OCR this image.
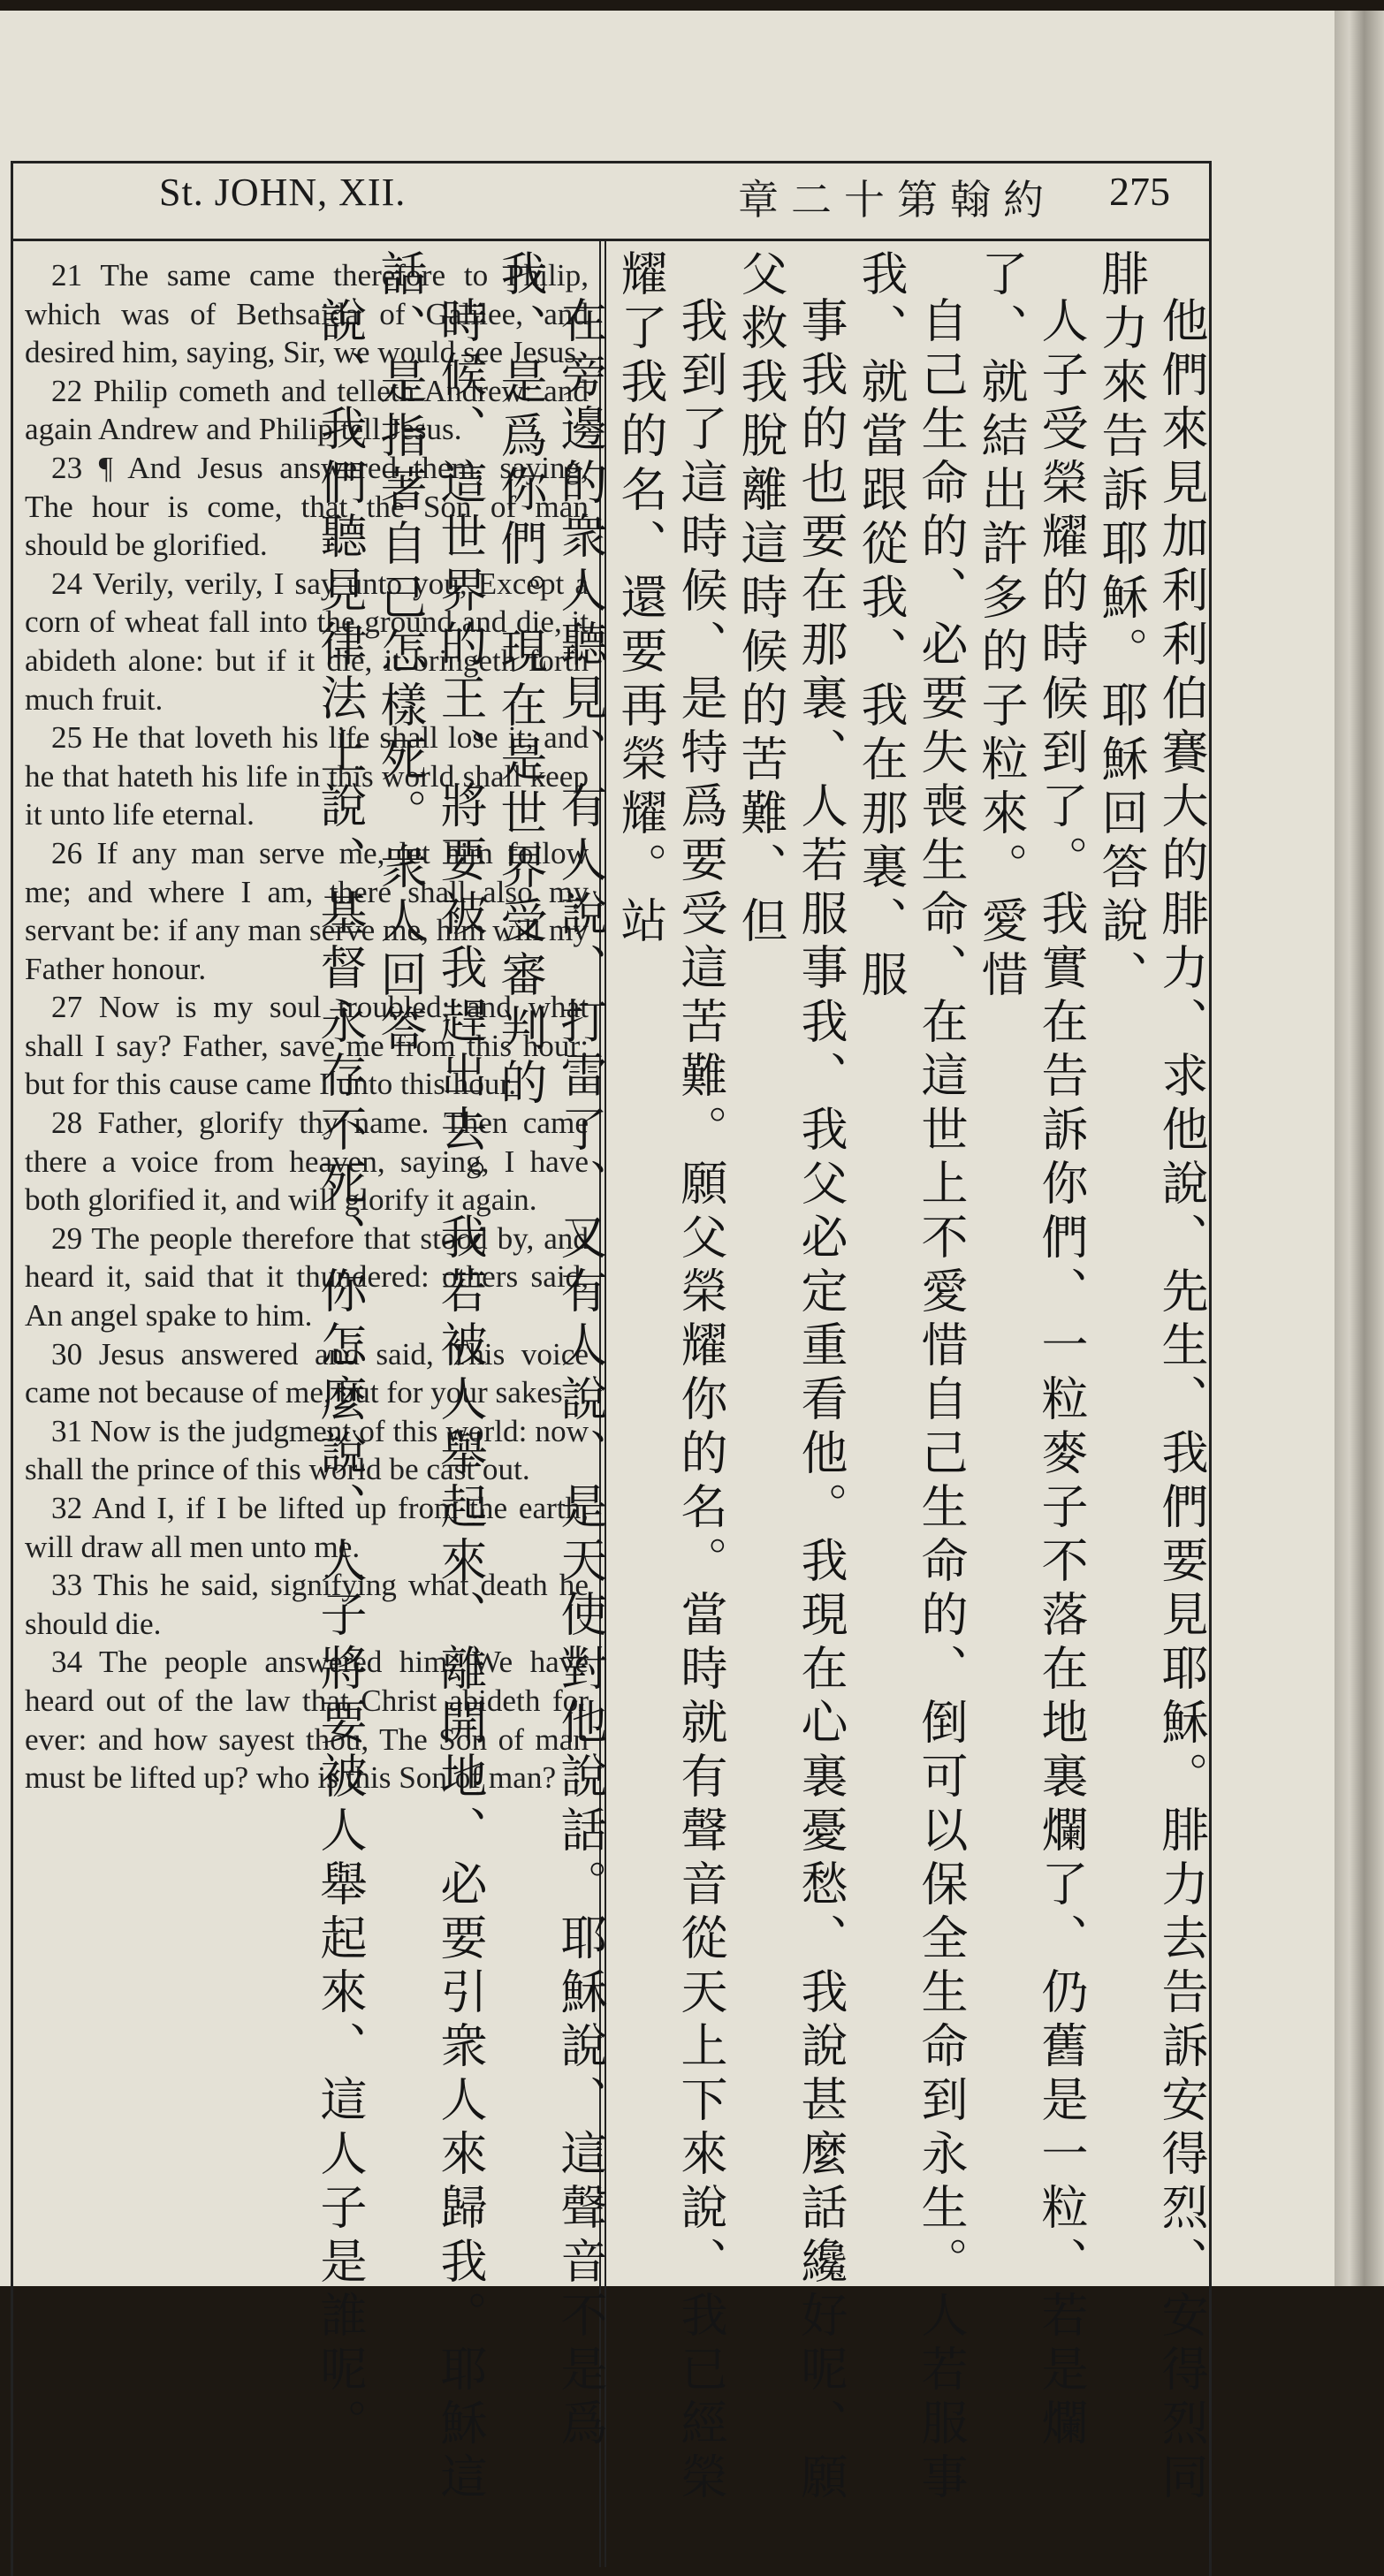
St. JOHN, XII.	章二十第翰約 275

21 The same came therefore to Philip, which was of Bethsaida of Galilee, and desired him, saying, Sir, we would see Jesus.

22 Philip cometh and telleth Andrew: and again Andrew and Philip tell Jesus.

23 ¶ And Jesus answered them, saying, The hour is come, that the Son of man should be glorified.

24 Verily, verily, I say unto you, Except a corn of wheat fall into the ground and die, it abideth alone: but if it die, it bringeth forth much fruit.

25 He that loveth his life shall lose it; and he that hateth his life in this world shall keep it unto life eternal.

26 If any man serve me, let him follow me; and where I am, there shall also my servant be: if any man serve me, him will my Father honour.

27 Now is my soul troubled; and what shall I say? Father, save me from this hour: but for this cause came I unto this hour.

28 Father, glorify thy name. Then came there a voice from heaven, saying, I have both glorified it, and will glorify it again.

29 The people therefore that stood by, and heard it, said that it thundered: others said, An angel spake to him.

30 Jesus answered and said, This voice came not because of me, but for your sakes.

31 Now is the judgment of this world: now shall the prince of this world be cast out.

32 And I, if I be lifted up from the earth, will draw all men unto me.

33 This he said, signifying what death he should die.

34 The people answered him, We have heard out of the law that Christ abideth for ever: and how sayest thou, The Son of man must be lifted up? who is this Son of man?	他們來見加利利伯賽大的腓力、求他說、先生、我們要見耶穌。腓力去告訴安得烈、安得烈同腓力來告訴耶穌。耶穌回答說、

人子受榮耀的時候到了。我實在告訴你們、一粒麥子不落在地裏爛了、仍舊是一粒、若是爛了、就結出許多的子粒來。愛惜

自己生命的、必要失喪生命、在這世上不愛惜自己生命的、倒可以保全生命到永生。人若服事我、就當跟從我、我在那裏、服

事我的也要在那裏、人若服事我、我父必定重看他。我現在心裏憂愁、我說甚麼話纔好呢、願父救我脫離這時候的苦難、但

我到了這時候、是特爲要受這苦難。願父榮耀你的名。當時就有聲音從天上下來說、我已經榮耀了我的名、還要再榮耀。站

在旁邊的衆人聽見、有人說、打雷了、又有人說、是天使對他說話。耶穌說、這聲音不是爲我、是爲你們。現在是世界受審判的

時候、這世界的王、將要被我趕出去。我若被人舉起來、離開地、必要引衆人來歸我。耶穌這話、是指著自己怎樣死。衆人回答

說、我們聽見律法上說、基督永存不死、你怎麼說、人子將要被人舉起來、這人子是誰呢。
